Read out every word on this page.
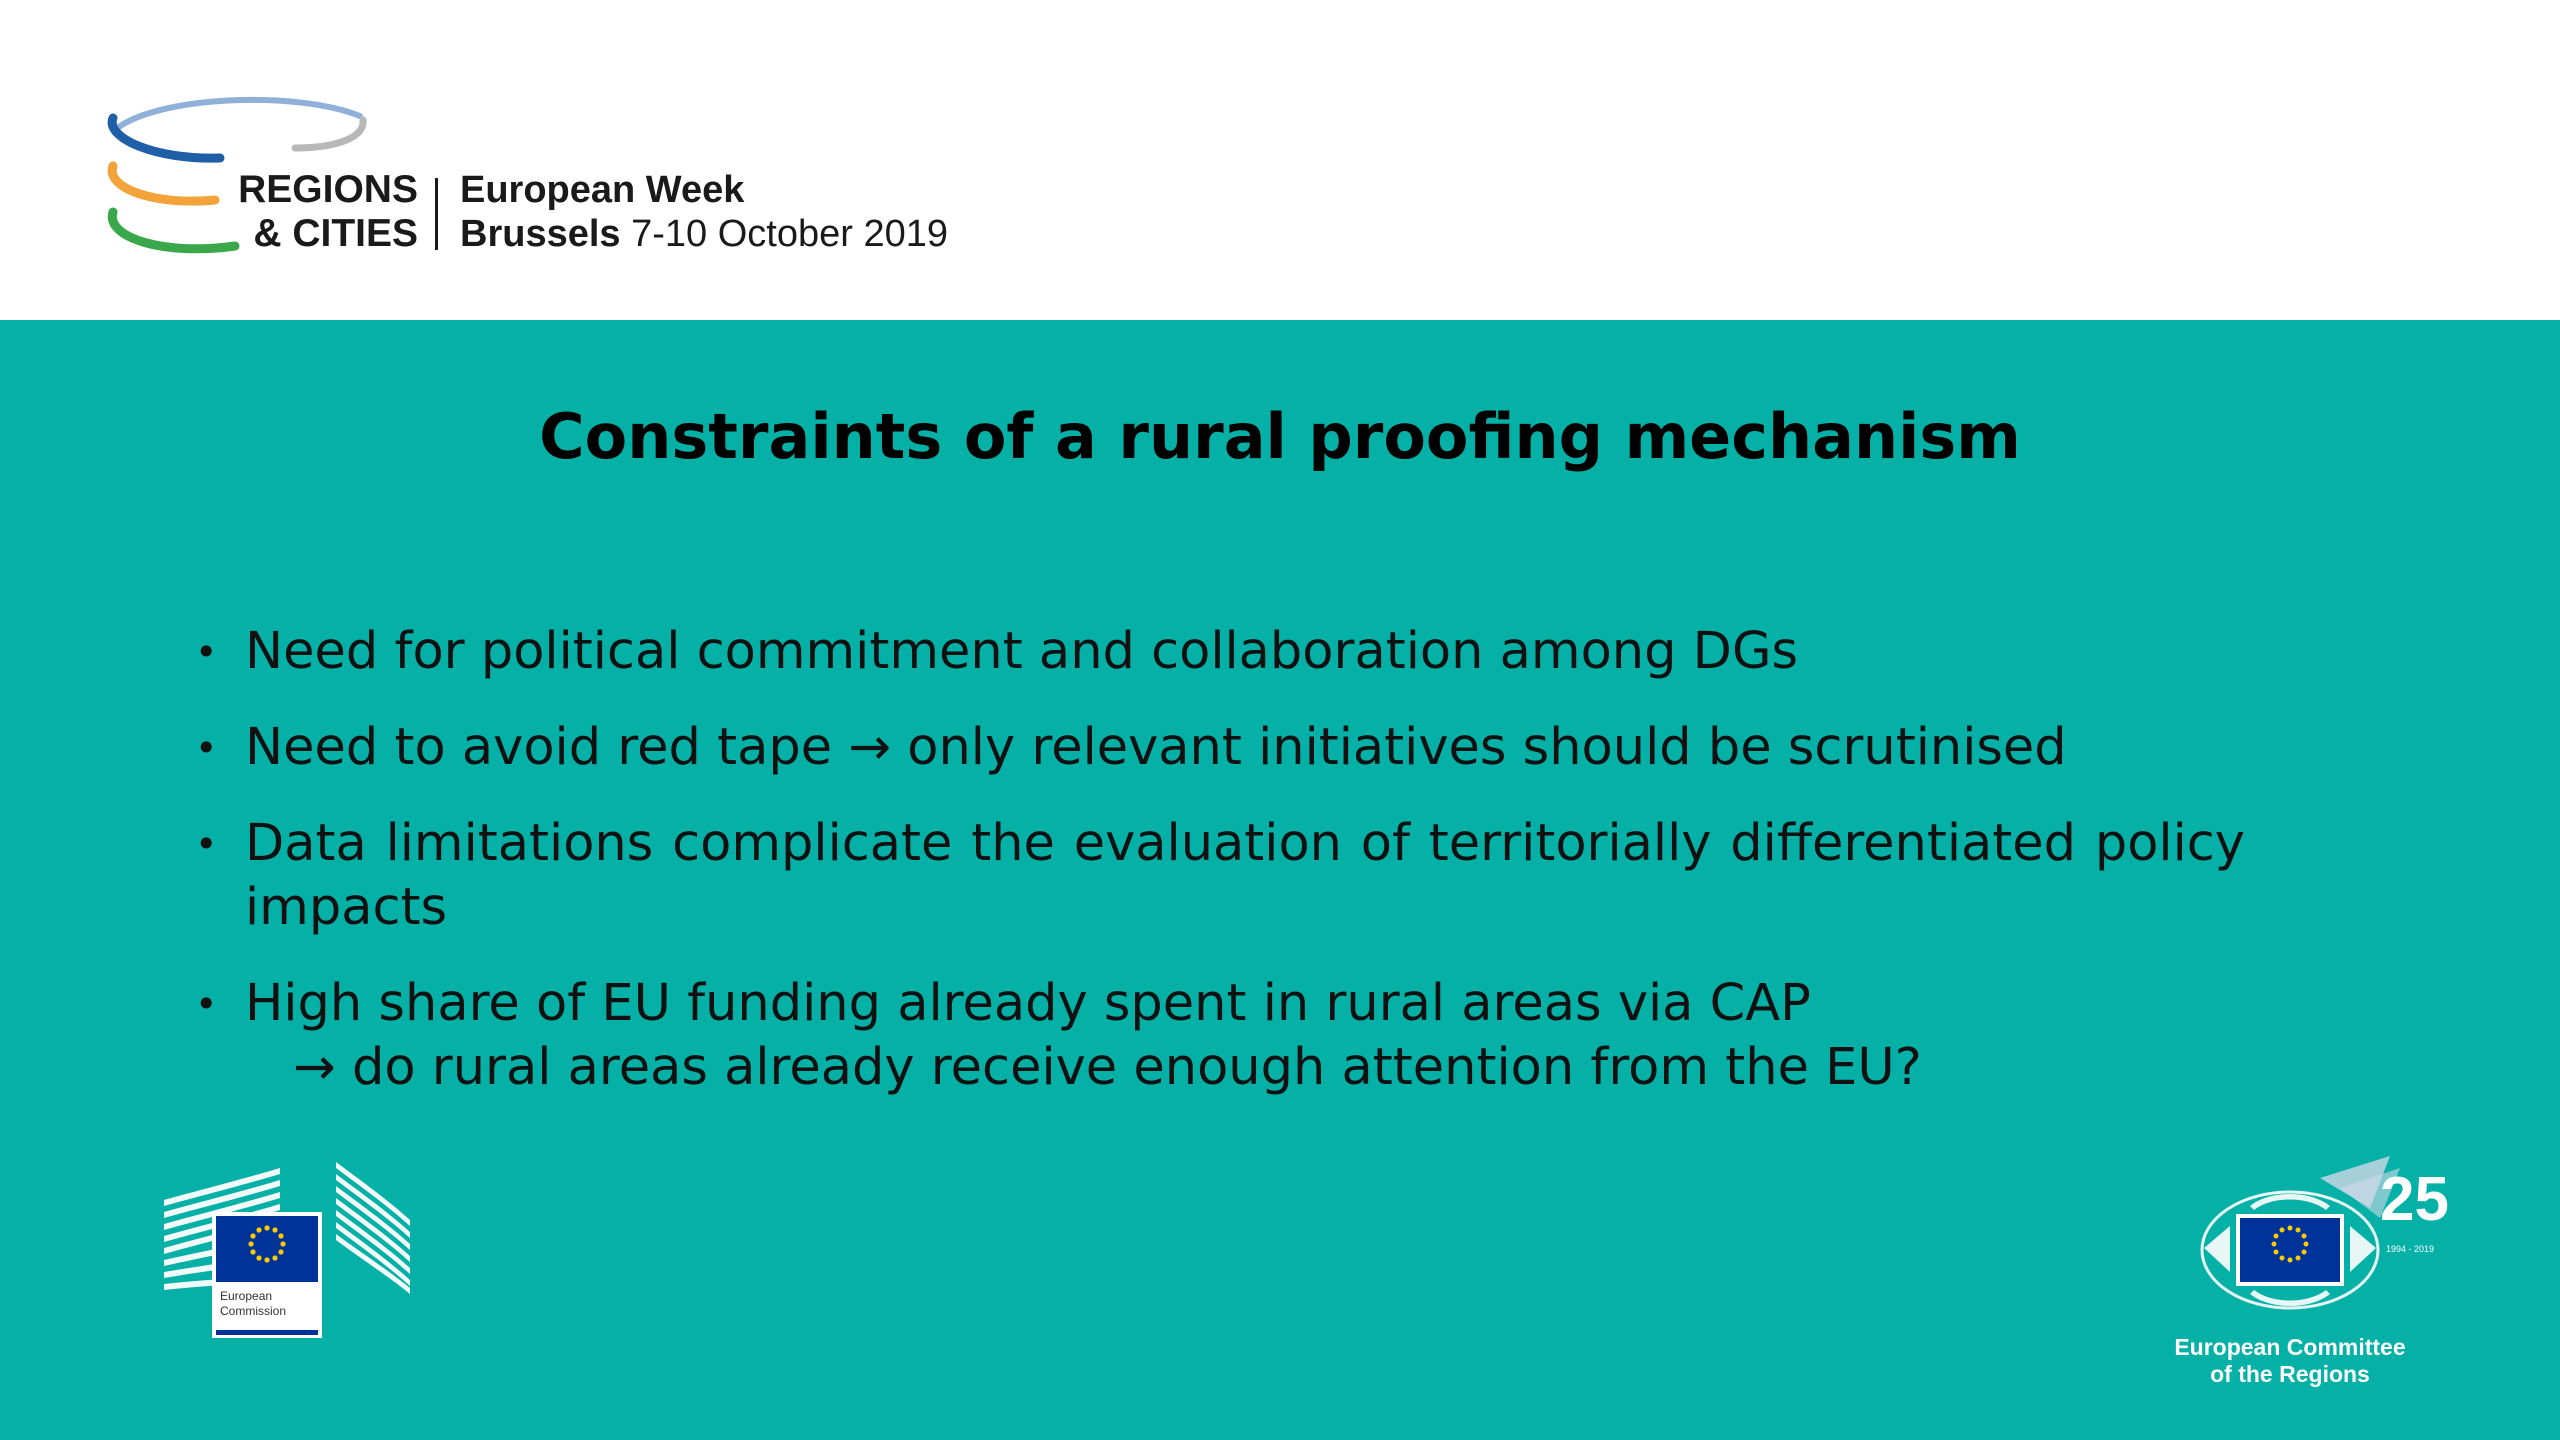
REGIONS
& CITIES
European Week
Brussels 7-10 October 2019
Constraints of a rural proofing mechanism
• Need for political commitment and collaboration among DGs
• Need to avoid red tape → only relevant initiatives should be scrutinised
• Data limitations complicate the evaluation of territorially differentiated policy impacts
• High share of EU funding already spent in rural areas via CAP
→ do rural areas already receive enough attention from the EU?
European
Commission
25
1994 - 2019
European Committee
of the Regions
